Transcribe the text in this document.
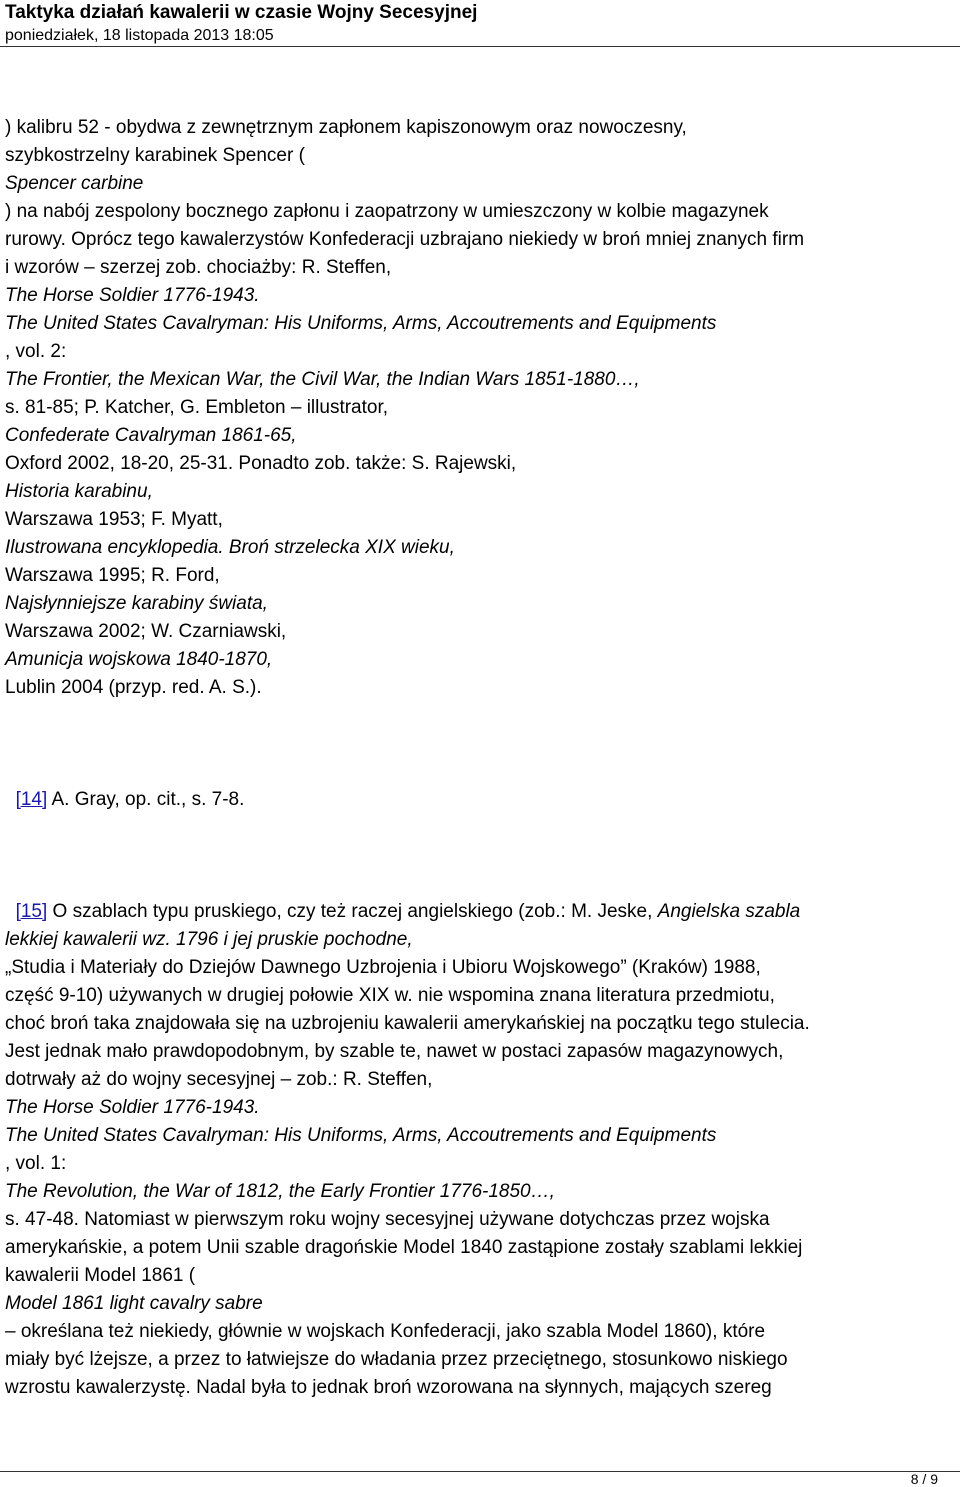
Taktyka działań kawalerii w czasie Wojny Secesyjnej
poniedziałek, 18 listopada 2013 18:05

) kalibru 52 - obydwa z zewnętrznym zapłonem kapiszonowym oraz nowoczesny,

szybkostrzelny karabinek Spencer (

Spencer carbine

) na nabój zespolony bocznego zapłonu i zaopatrzony w umieszczony w kolbie magazynek

rurowy. Oprócz tego kawalerzystów Konfederacji uzbrajano niekiedy w broń mniej znanych firm

i wzorów – szerzej zob. chociażby: R. Steffen,

The Horse Soldier 1776-1943.

The United States Cavalryman: His Uniforms, Arms, Accoutrements and Equipments

, vol. 2:

The Frontier, the Mexican War, the Civil War, the Indian Wars 1851-1880…,

s. 81-85; P. Katcher, G. Embleton – illustrator,

Confederate Cavalryman 1861-65,

Oxford 2002, 18-20, 25-31. Ponadto zob. także: S. Rajewski,

Historia karabinu,

Warszawa 1953; F. Myatt,

Ilustrowana encyklopedia. Broń strzelecka XIX wieku,

Warszawa 1995; R. Ford,

Najsłynniejsze karabiny świata,

Warszawa 2002; W. Czarniawski,

Amunicja wojskowa 1840-1870,

Lublin 2004 (przyp. red. A. S.).

[14] A. Gray, op. cit., s. 7-8.

[15] O szablach typu pruskiego, czy też raczej angielskiego (zob.: M. Jeske, Angielska szabla

lekkiej kawalerii wz. 1796 i jej pruskie pochodne,

„Studia i Materiały do Dziejów Dawnego Uzbrojenia i Ubioru Wojskowego” (Kraków) 1988,

część 9-10) używanych w drugiej połowie XIX w. nie wspomina znana literatura przedmiotu,

choć broń taka znajdowała się na uzbrojeniu kawalerii amerykańskiej na początku tego stulecia.

Jest jednak mało prawdopodobnym, by szable te, nawet w postaci zapasów magazynowych,

dotrwały aż do wojny secesyjnej – zob.: R. Steffen,

The Horse Soldier 1776-1943.

The United States Cavalryman: His Uniforms, Arms, Accoutrements and Equipments

, vol. 1:

The Revolution, the War of 1812, the Early Frontier 1776-1850…,

s. 47-48. Natomiast w pierwszym roku wojny secesyjnej używane dotychczas przez wojska

amerykańskie, a potem Unii szable dragońskie Model 1840 zastąpione zostały szablami lekkiej

kawalerii Model 1861 (

Model 1861 light cavalry sabre

– określana też niekiedy, głównie w wojskach Konfederacji, jako szabla Model 1860), które

miały być lżejsze, a przez to łatwiejsze do władania przez przeciętnego, stosunkowo niskiego

wzrostu kawalerzystę. Nadal była to jednak broń wzorowana na słynnych, mających szereg

8 / 9
